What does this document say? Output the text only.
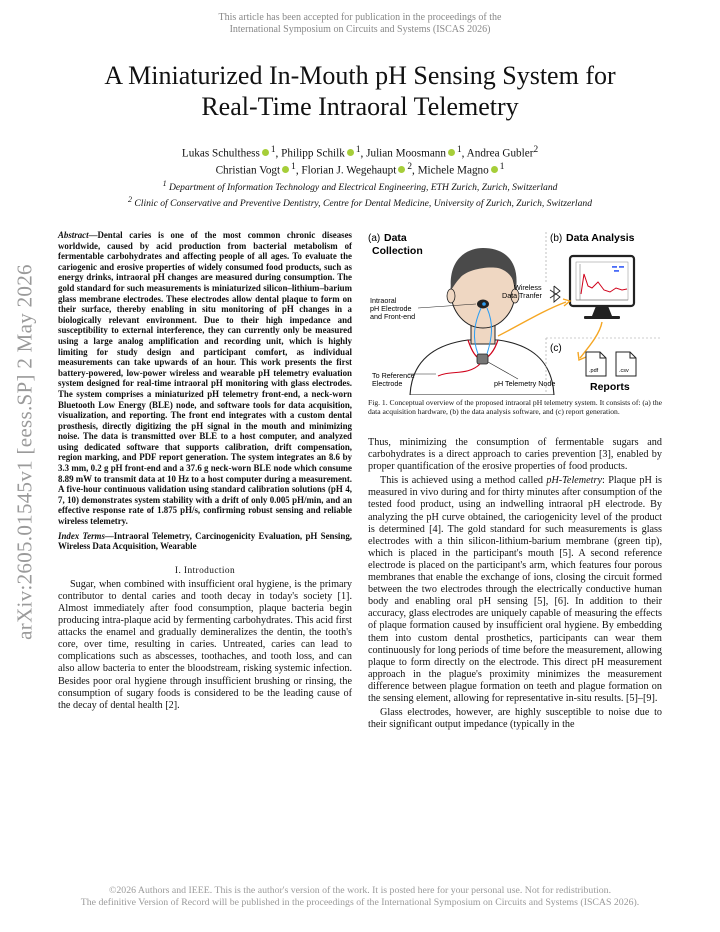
This article has been accepted for publication in the proceedings of the
International Symposium on Circuits and Systems (ISCAS 2026)
A Miniaturized In-Mouth pH Sensing System for
Real-Time Intraoral Telemetry
Lukas Schulthess $^1$, Philipp Schilk $^1$, Julian Moosmann $^1$, Andrea Gubler$^2$
Christian Vogt $^1$, Florian J. Wegehaupt $^2$, Michele Magno $^1$
$^1$ Department of Information Technology and Electrical Engineering, ETH Zurich, Zurich, Switzerland
$^2$ Clinic of Conservative and Preventive Dentistry, Centre for Dental Medicine, University of Zurich, Zurich, Switzerland
arXiv:2605.01545v1 [eess.SP] 2 May 2026
Abstract—Dental caries is one of the most common chronic diseases worldwide, caused by acid production from bacterial metabolism of fermentable carbohydrates and affecting people of all ages. To evaluate the cariogenic and erosive properties of widely consumed food products, such as energy drinks, intraoral pH changes are measured during consumption. The gold standard for such measurements is miniaturized silicon–lithium–barium glass membrane electrodes. These electrodes allow dental plaque to form on their surface, thereby enabling in situ monitoring of pH changes in a biologically relevant environment. Due to their high impedance and susceptibility to external interference, they can currently only be measured using a large analog amplification and recording unit, which is highly limiting for study design and participant comfort, as individual measurements can take upwards of an hour. This work presents the first battery-powered, low-power wireless and wearable pH telemetry evaluation system designed for real-time intraoral pH monitoring with glass electrodes. The system comprises a miniaturized pH telemetry front-end, a neck-worn Bluetooth Low Energy (BLE) node, and software tools for data acquisition, visualization, and reporting. The front end integrates with a custom dental prosthesis, directly digitizing the pH signal in the mouth and minimizing noise. The data is transmitted over BLE to a host computer, and analyzed using dedicated software that supports calibration, drift compensation, region marking, and PDF report generation. The system integrates an 8.6 by 3.3 mm, 0.2 g pH front-end and a 37.6 g neck-worn BLE node which consume 8.89 mW to transmit data at 10 Hz to a host computer during a measurement. A five-hour continuous validation using standard calibration solutions (pH 4, 7, 10) demonstrates system stability with a drift of only 0.005 pH/min, and an effective response rate of 1.875 pH/s, confirming robust sensing and reliable wireless telemetry.
Index Terms—Intraoral Telemetry, Carcinogenicity Evaluation, pH Sensing, Wireless Data Acquisition, Wearable
I. Introduction

Sugar, when combined with insufficient oral hygiene, is the primary contributor to dental caries and tooth decay in today's society [1]. Almost immediately after food consumption, plaque bacteria begin producing intra-plaque acid by fermenting carbohydrates. This acid first attacks the enamel and gradually demineralizes the dentin, the tooth's core, over time, resulting in caries. Untreated, caries can lead to complications such as abscesses, toothaches, and tooth loss, and can also allow bacteria to enter the bloodstream, risking systemic infection. Besides poor oral hygiene through insufficient brushing or rinsing, the consumption of sugary foods is considered to be the leading cause of the decay of dental health [2].

(a) Data
Collection
Intraoral
pH Electrode
and Front-end
To Reference
Electrode	pH Telemetry Node
Wireless
Data Tranfer
(b) Data Analysis
(c)
.pdf	.csv
Reports
Fig. 1. Conceptual overview of the proposed intraoral pH telemetry system. It consists of: (a) the data acquisition hardware, (b) the data analysis software, and (c) report generation.

Thus, minimizing the consumption of fermentable sugars and carbohydrates is a direct approach to caries prevention [3], enabled by proper quantification of the erosive properties of food products.

This is achieved using a method called pH-Telemetry: Plaque pH is measured in vivo during and for thirty minutes after consumption of the tested food product, using an indwelling intraoral pH electrode. By analyzing the pH curve obtained, the cariogenicity level of the product is determined [4]. The gold standard for such measurements is glass electrodes with a thin silicon-lithium-barium membrane (green tip), which is placed in the participant's mouth [5]. A second reference electrode is placed on the participant's arm, which features four porous membranes that enable the exchange of ions, closing the circuit formed between the two electrodes through the electrically conductive human body and enabling oral pH sensing [5], [6]. In addition to their accuracy, glass electrodes are uniquely capable of measuring the effects of plaque formation caused by insufficient oral hygiene. By embedding them into custom dental prosthetics, participants can wear them continuously for long periods of time before the measurement, allowing plaque to form directly on the electrode. This direct pH measurement approach in the plague's proximity minimizes the measurement difference between plague formation on teeth and plague formation on the sensing element, allowing for representative in-situ results. [5]–[9].

Glass electrodes, however, are highly susceptible to noise due to their significant output impedance (typically in the

©2026 Authors and IEEE. This is the author's version of the work. It is posted here for your personal use. Not for redistribution.
The definitive Version of Record will be published in the proceedings of the International Symposium on Circuits and Systems (ISCAS 2026).
